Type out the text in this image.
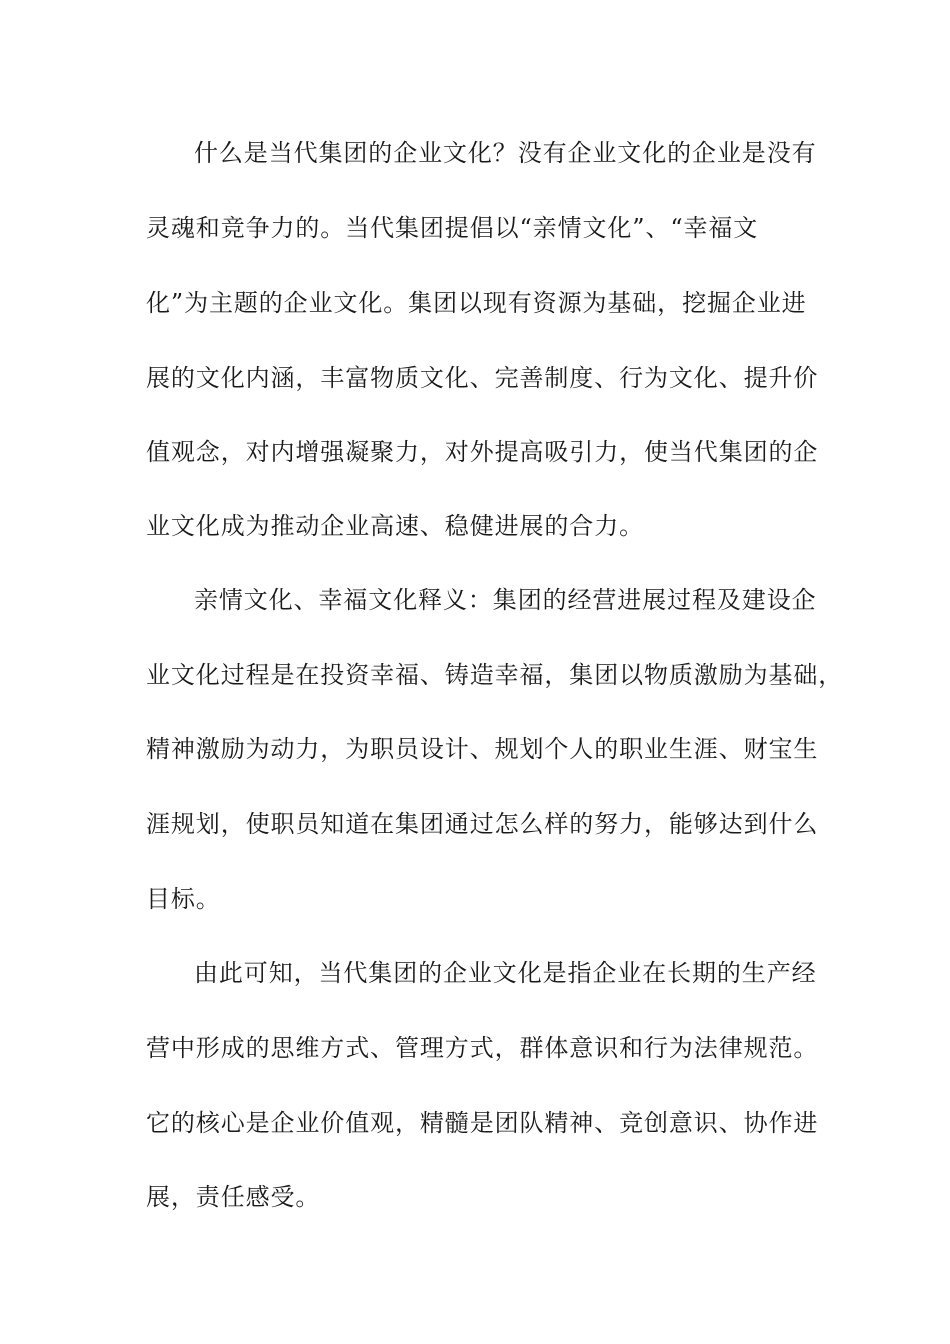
什么是当代集团的企业文化？没有企业文化的企业是没有
灵魂和竞争力的。当代集团提倡以“亲情文化”、“幸福文
化”为主题的企业文化。集团以现有资源为基础，挖掘企业进
展的文化内涵，丰富物质文化、完善制度、行为文化、提升价
值观念，对内增强凝聚力，对外提高吸引力，使当代集团的企
业文化成为推动企业高速、稳健进展的合力。
亲情文化、幸福文化释义：集团的经营进展过程及建设企
业文化过程是在投资幸福、铸造幸福，集团以物质激励为基础，
精神激励为动力，为职员设计、规划个人的职业生涯、财宝生
涯规划，使职员知道在集团通过怎么样的努力，能够达到什么
目标。
由此可知，当代集团的企业文化是指企业在长期的生产经
营中形成的思维方式、管理方式，群体意识和行为法律规范。
它的核心是企业价值观，精髓是团队精神、竞创意识、协作进
展，责任感受。
